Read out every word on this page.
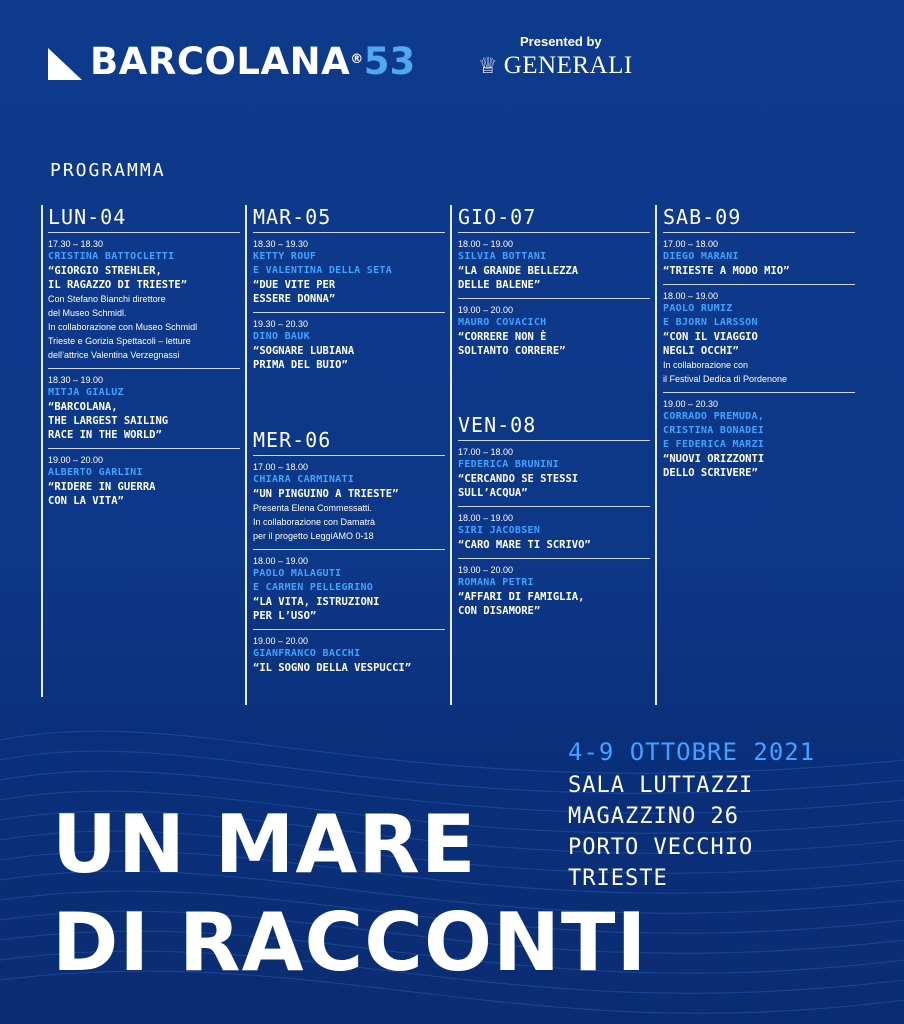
BARCOLANA® 53	Presented by
♕ GENERALI
PROGRAMMA
LUN-04
17.30 – 18.30
CRISTINA BATTOCLETTI
“GIORGIO STREHLER,
IL RAGAZZO DI TRIESTE”
Con Stefano Bianchi direttore
del Museo Schmidl.
In collaborazione con Museo Schmidl
Trieste e Gorizia Spettacoli – letture
dell’attrice Valentina Verzegnassi
18.30 – 19.00
MITJA GIALUZ
“BARCOLANA,
THE LARGEST SAILING
RACE IN THE WORLD”
19.00 – 20.00
ALBERTO GARLINI
“RIDERE IN GUERRA
CON LA VITA”
MAR-05
18.30 – 19.30
KETTY ROUF
E VALENTINA DELLA SETA
“DUE VITE PER
ESSERE DONNA”
19.30 – 20.30
DINO BAUK
“SOGNARE LUBIANA
PRIMA DEL BUIO”
MER-06
17.00 – 18.00
CHIARA CARMINATI
“UN PINGUINO A TRIESTE”
Presenta Elena Commessatti.
In collaborazione con Damatrà
per il progetto LeggiAMO 0-18
18.00 – 19.00
PAOLO MALAGUTI
E CARMEN PELLEGRINO
“LA VITA, ISTRUZIONI
PER L’USO”
19.00 – 20.00
GIANFRANCO BACCHI
“IL SOGNO DELLA VESPUCCI”
GIO-07
18.00 – 19.00
SILVIA BOTTANI
“LA GRANDE BELLEZZA
DELLE BALENE”
19.00 – 20.00
MAURO COVACICH
“CORRERE NON È
SOLTANTO CORRERE”
VEN-08
17.00 – 18.00
FEDERICA BRUNINI
“CERCANDO SE STESSI
SULL’ACQUA”
18.00 – 19.00
SIRI JACOBSEN
“CARO MARE TI SCRIVO”
19.00 – 20.00
ROMANA PETRI
“AFFARI DI FAMIGLIA,
CON DISAMORE”
SAB-09
17.00 – 18.00
DIEGO MARANI
“TRIESTE A MODO MIO”
18.00 – 19.00
PAOLO RUMIZ
E BJORN LARSSON
“CON IL VIAGGIO
NEGLI OCCHI”
In collaborazione con
il Festival Dedica di Pordenone
19.00 – 20.30
CORRADO PREMUDA,
CRISTINA BONADEI
E FEDERICA MARZI
“NUOVI ORIZZONTI
DELLO SCRIVERE”
4-9 OTTOBRE 2021
SALA LUTTAZZI
MAGAZZINO 26
PORTO VECCHIO
TRIESTE
UN MARE
DI RACCONTI
